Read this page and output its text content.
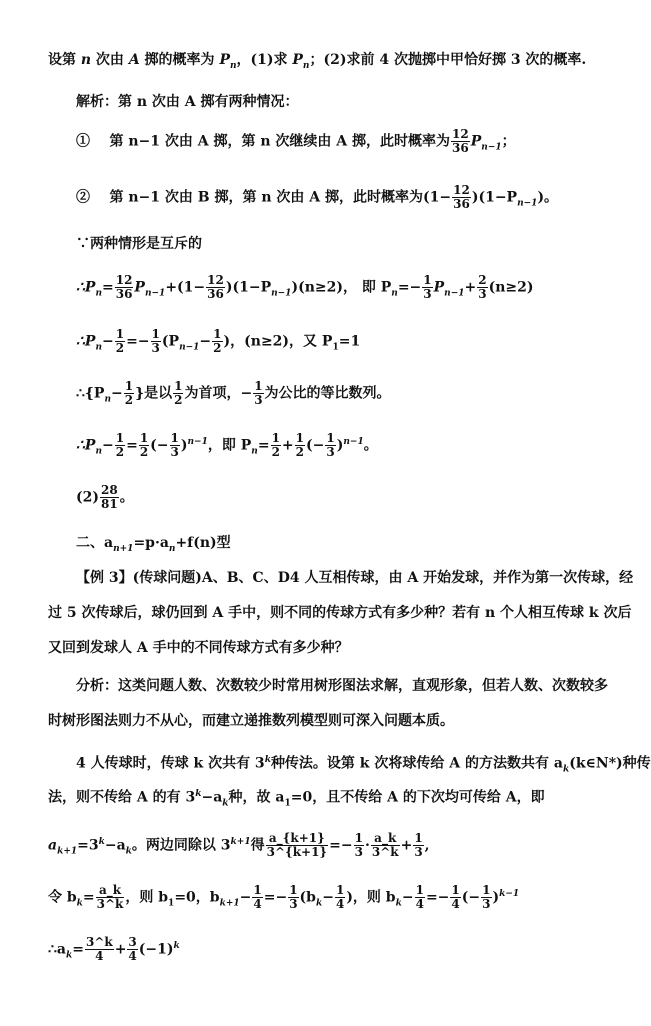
设第 n 次由 A 掷的概率为 $P_n$，(1)求 $P_n$；(2)求前 4 次抛掷中甲恰好掷 3 次的概率.
解析：第 n 次由 A 掷有两种情况：
① 第 n−1 次由 A 掷，第 n 次继续由 A 掷，此时概率为 $\frac{12}{36} P_{n-1}$；
② 第 n−1 次由 B 掷，第 n 次由 A 掷，此时概率为$(1- \frac{12}{36} )(1-P_{n-1})$。
∵两种情形是互斥的
$\therefore P_n= \frac{12}{36} P_{n-1}+(1- \frac{12}{36} )(1-P_{n-1})(n\ge 2)$， 即 $P_n=- \frac{1}{3} P_{n-1}+ \frac{2}{3} (n\ge 2)$
$\therefore P_n- \frac{1}{2} =- \frac{1}{3} (P_{n-1}- \frac{1}{2}$ )，(n≥2)，又 $P_1=1$
$\therefore\{P_n- \frac{1}{2}$ }是以 $\frac{1}{2}$ 为首项，− $\frac{1}{3}$ 为公比的等比数列。
$\therefore P_n- \frac{1}{2} = \frac{1}{2}$ (− $\frac{1}{3} )^{n-1}$，即 $P_n= \frac{1}{2} + \frac{1}{2}$ (− $\frac{1}{3} )^{n-1}$。
$(2) \frac{28}{81}$ 。
二、$a_{n+1}=p\cdot a_n+f(n)$型
【例 3】(传球问题)A、B、C、D4 人互相传球，由 A 开始发球，并作为第一次传球，经
过 5 次传球后，球仍回到 A 手中，则不同的传球方式有多少种？若有 n 个人相互传球 k 次后
又回到发球人 A 手中的不同传球方式有多少种？
分析：这类问题人数、次数较少时常用树形图法求解，直观形象，但若人数、次数较多
时树形图法则力不从心，而建立递推数列模型则可深入问题本质。
4 人传球时，传球 k 次共有 3$^k$种传法。设第 k 次将球传给 A 的方法数共有 $a_k(k\in N*)$种传
法，则不传给 A 的有 $3^k-a_k$种，故 $a_1=0$，且不传给 A 的下次均可传给 A，即
$a_{k+1}=3^k-a_k$。两边同除以 $3^{k+1}$得 $\frac{a\_\{k+1\}}{3\^{}\{k+1\}} =- \frac{1}{3} \cdot \frac{a\_k}{3\^{}k} + \frac{1}{3}$ ,
令 $b_k= \frac{a\_k}{3\^{}k}$ ，则 $b_1=0$，$b_{k+1}- \frac{1}{4} =- \frac{1}{3} (b_k- \frac{1}{4}$ )，则 $b_k- \frac{1}{4} =- \frac{1}{4}$ (− $\frac{1}{3} )^{k-1}$
$\therefore a_k= \frac{3\^{}k}{4} + \frac{3}{4} (-1)^k$
